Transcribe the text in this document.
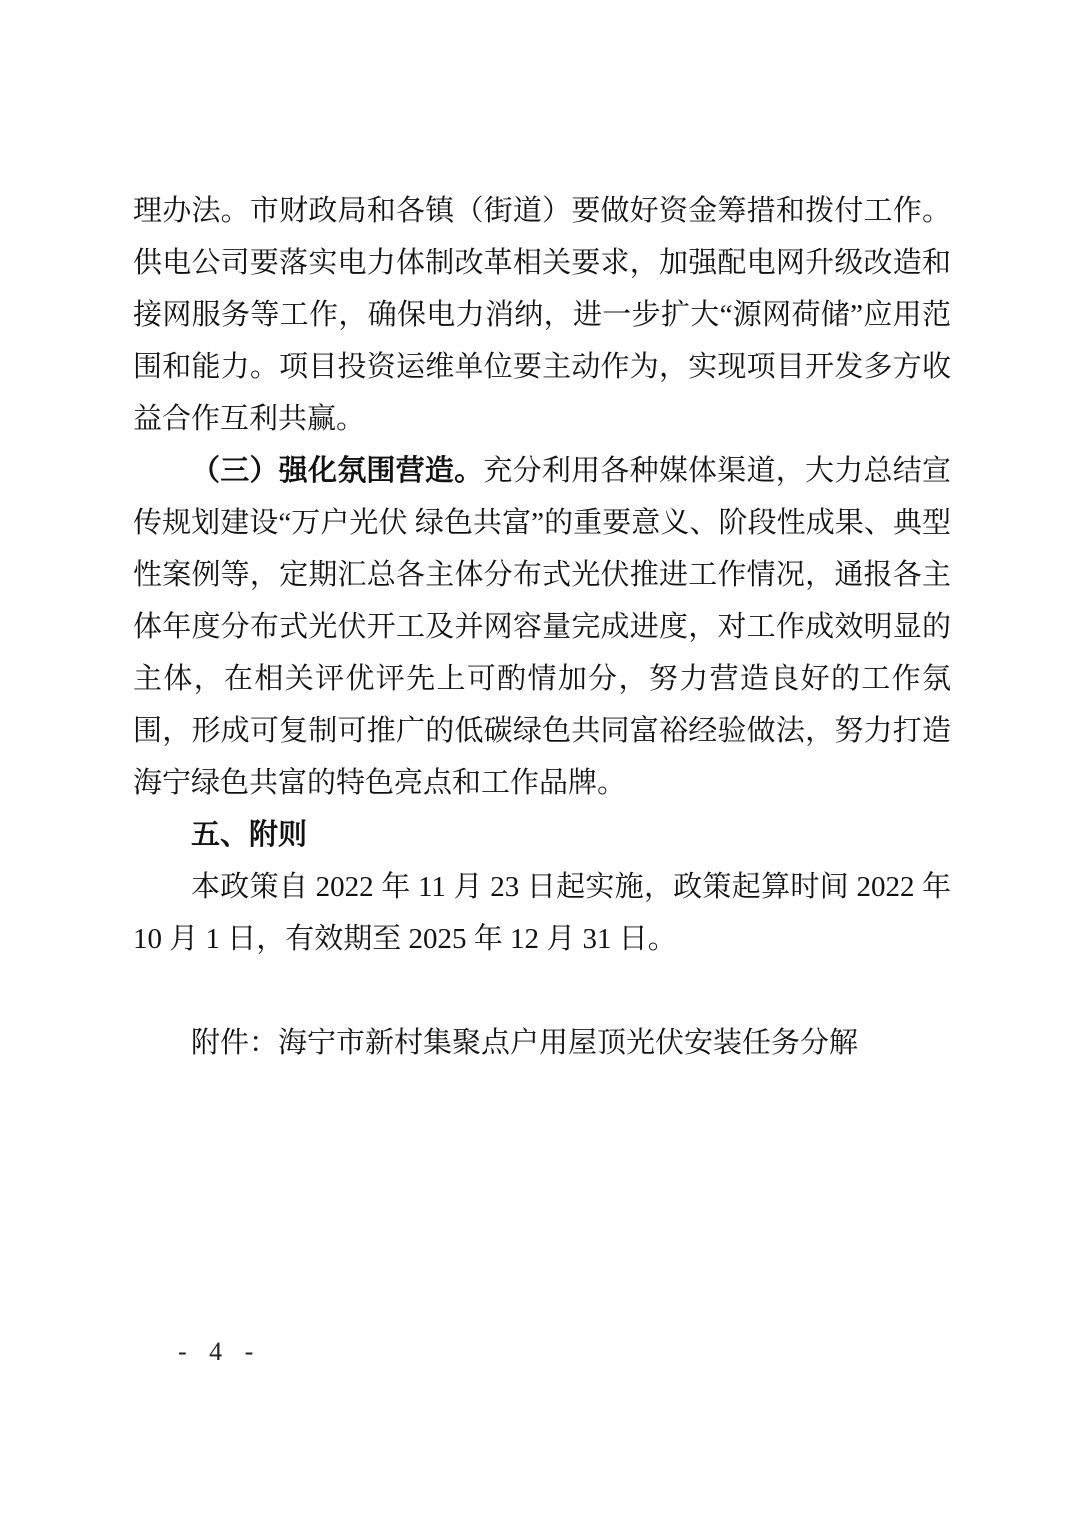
理办法。市财政局和各镇（街道）要做好资金筹措和拨付工作。供电公司要落实电力体制改革相关要求，加强配电网升级改造和接网服务等工作，确保电力消纳，进一步扩大“源网荷储”应用范围和能力。项目投资运维单位要主动作为，实现项目开发多方收益合作互利共赢。

（三）强化氛围营造。充分利用各种媒体渠道，大力总结宣传规划建设“万户光伏 绿色共富”的重要意义、阶段性成果、典型性案例等，定期汇总各主体分布式光伏推进工作情况，通报各主体年度分布式光伏开工及并网容量完成进度，对工作成效明显的主体，在相关评优评先上可酌情加分，努力营造良好的工作氛围，形成可复制可推广的低碳绿色共同富裕经验做法，努力打造海宁绿色共富的特色亮点和工作品牌。

五、附则

本政策自 2022 年 11 月 23 日起实施，政策起算时间 2022 年 10 月 1 日，有效期至 2025 年 12 月 31 日。

附件：海宁市新村集聚点户用屋顶光伏安装任务分解

- 4 -
